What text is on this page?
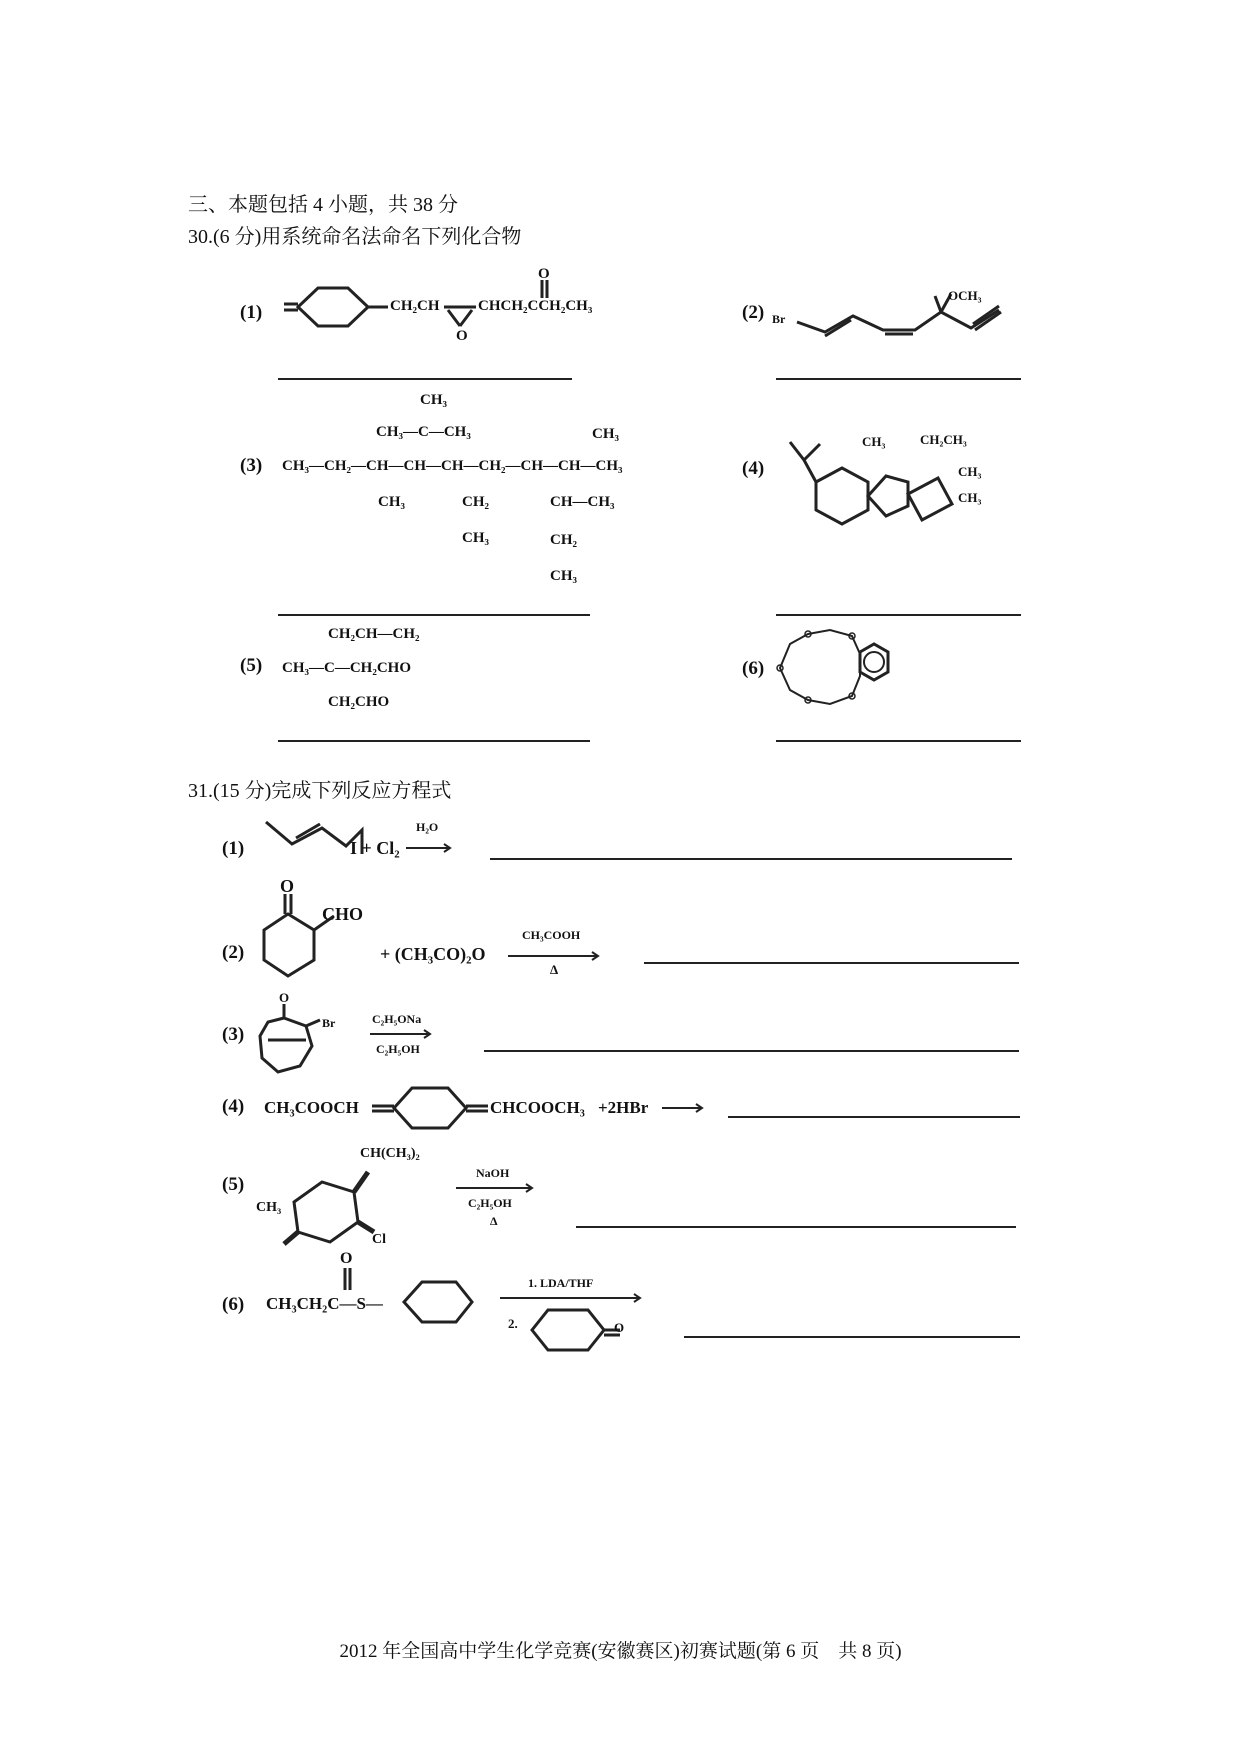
三、本题包括 4 小题，共 38 分
30.(6 分)用系统命名法命名下列化合物
(1)	CH₂CH	CHCH₂CCH₂CH₃
O
O
(2) Br
OCH₃
(3)
CH₃
CH₃—C—CH₃
CH₃—CH₂—CH—CH—CH—CH₂—CH—CH—CH₃
CH₃
CH₃	CH₂
CH₃
CH—CH₃
CH₂
CH₃
(4)
CH₃	CH₂CH₃
CH₃
CH₃
(5)
CH₂CH—CH₂
CH₃—C—CH₂CHO
CH₂CHO
(6)
31.(15 分)完成下列反应方程式
(1)	I + Cl₂
H₂O
(2)
O
CHO
+ (CH₃CO)₂O
CH₃COOH
Δ
(3)
O
Br	C₂H₅ONa
C₂H₅OH
(4) CH₃COOCH	CHCOOCH₃ +2HBr
(5)
CH(CH₃)₂
Cl
CH₃
NaOH
C₂H₅OH
Δ
(6)
O
CH₃CH₂C—S—
1. LDA/THF
2.	O
2012 年全国高中学生化学竞赛(安徽赛区)初赛试题(第 6 页　共 8 页)
